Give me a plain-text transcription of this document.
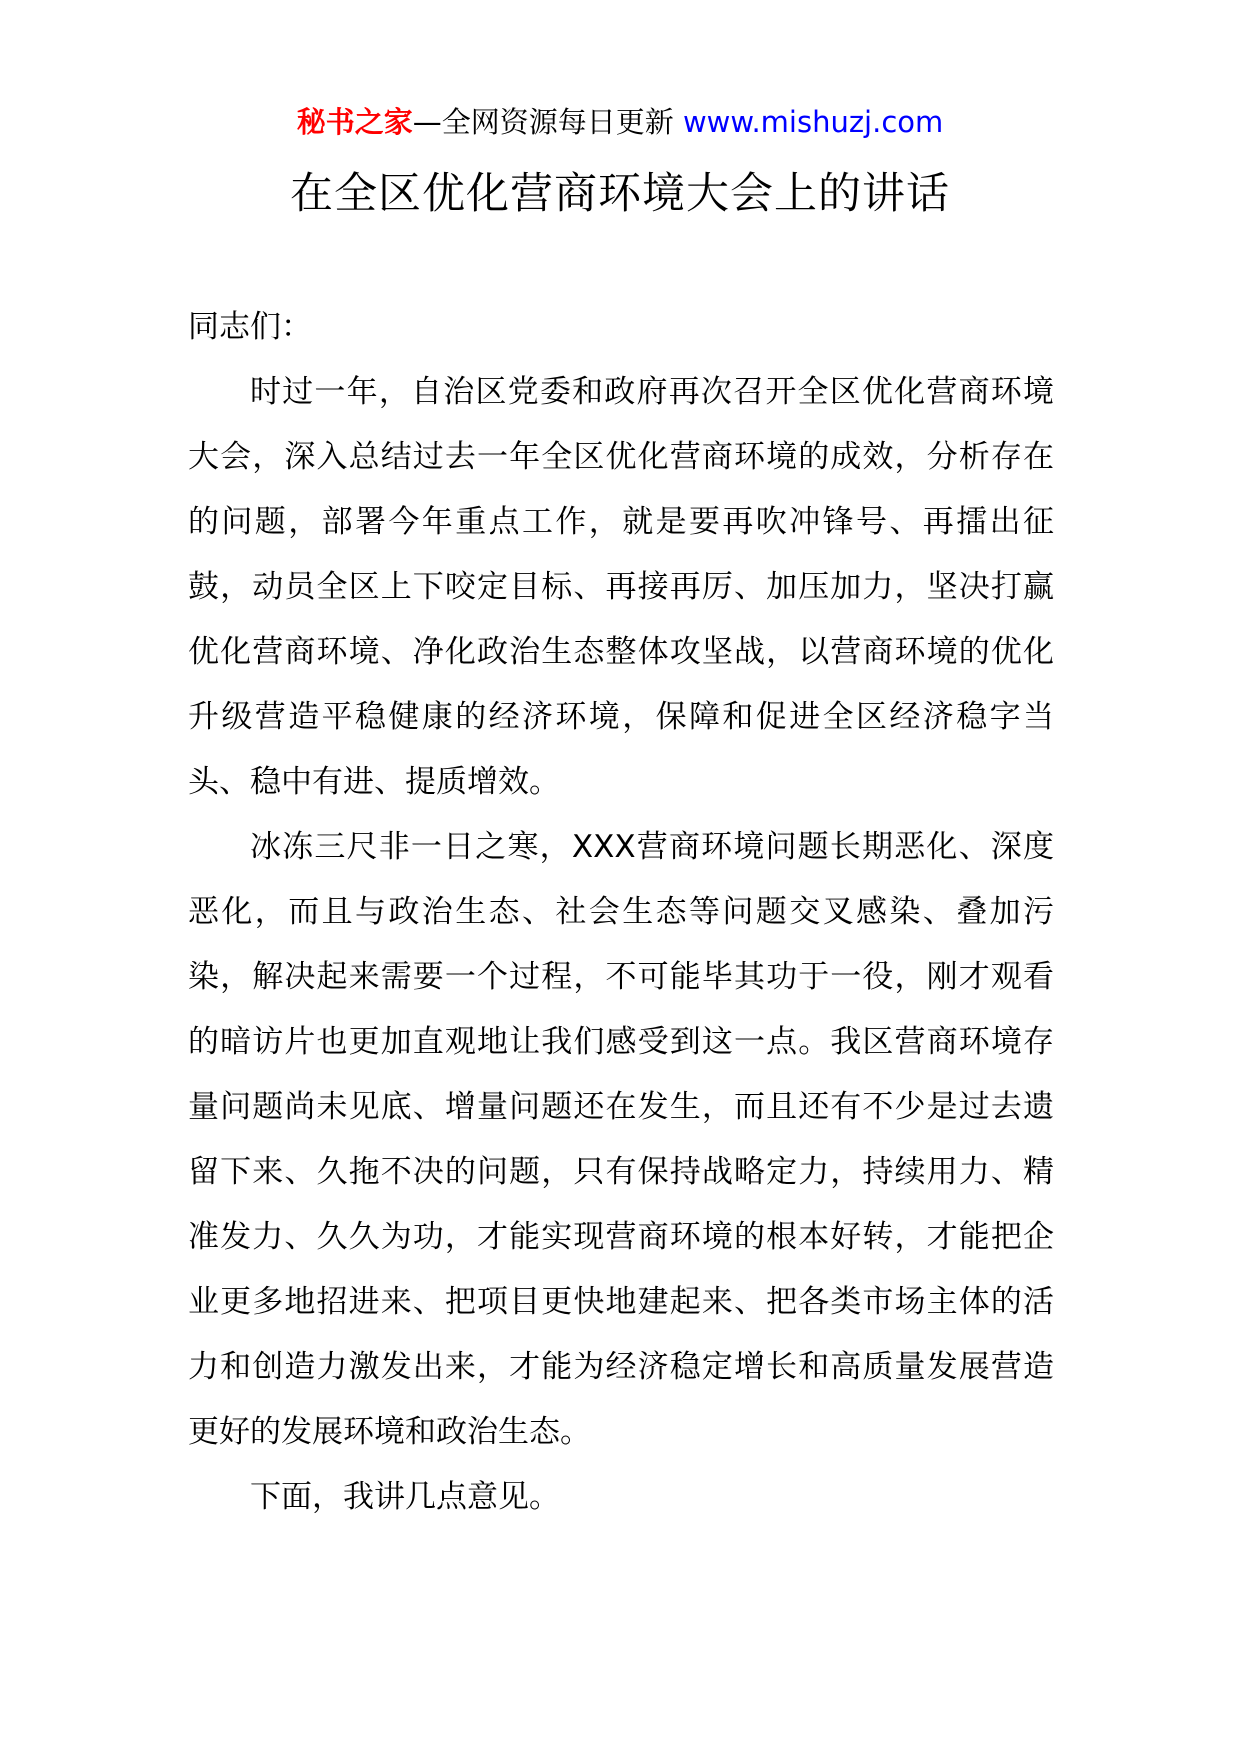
秘书之家—全网资源每日更新 www.mishuzj.com
在全区优化营商环境大会上的讲话

同志们：

时过一年，自治区党委和政府再次召开全区优化营商环境大会，深入总结过去一年全区优化营商环境的成效，分析存在的问题，部署今年重点工作，就是要再吹冲锋号、再擂出征鼓，动员全区上下咬定目标、再接再厉、加压加力，坚决打赢优化营商环境、净化政治生态整体攻坚战，以营商环境的优化升级营造平稳健康的经济环境，保障和促进全区经济稳字当头、稳中有进、提质增效。

冰冻三尺非一日之寒，XXX营商环境问题长期恶化、深度恶化，而且与政治生态、社会生态等问题交叉感染、叠加污染，解决起来需要一个过程，不可能毕其功于一役，刚才观看的暗访片也更加直观地让我们感受到这一点。我区营商环境存量问题尚未见底、增量问题还在发生，而且还有不少是过去遗留下来、久拖不决的问题，只有保持战略定力，持续用力、精准发力、久久为功，才能实现营商环境的根本好转，才能把企业更多地招进来、把项目更快地建起来、把各类市场主体的活力和创造力激发出来，才能为经济稳定增长和高质量发展营造更好的发展环境和政治生态。

下面，我讲几点意见。
